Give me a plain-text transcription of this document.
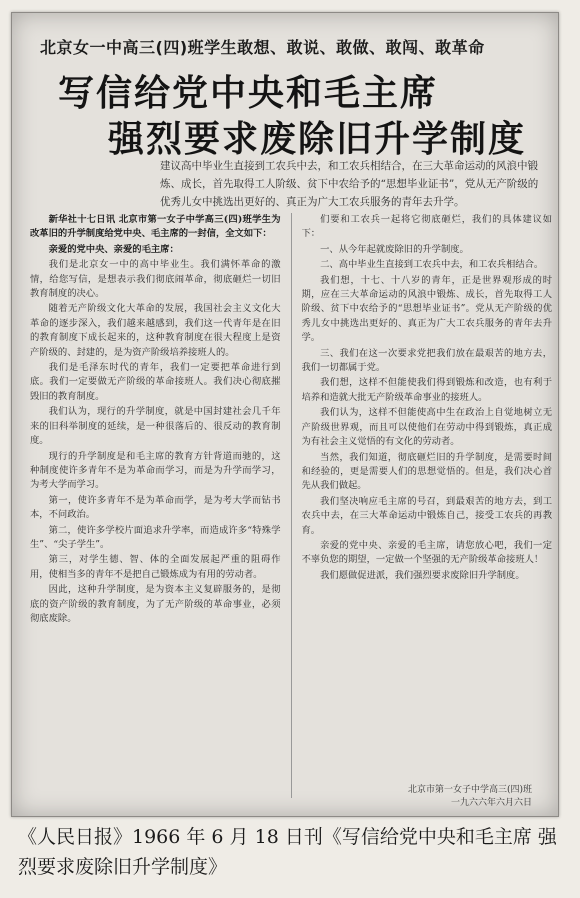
北京女一中高三(四)班学生敢想、敢说、敢做、敢闯、敢革命
写信给党中央和毛主席
强烈要求废除旧升学制度
建议高中毕业生直接到工农兵中去，和工农兵相结合，在三大革命运动的风浪中锻炼、成长，首先取得工人阶级、贫下中农给予的“思想毕业证书”，党从无产阶级的优秀儿女中挑选出更好的、真正为广大工农兵服务的青年去升学。

新华社十七日讯 北京市第一女子中学高三(四)班学生为改革旧的升学制度给党中央、毛主席的一封信，全文如下：

亲爱的党中央、亲爱的毛主席：

我们是北京女一中的高中毕业生。我们满怀革命的激情，给您写信，是想表示我们彻底闹革命，彻底砸烂一切旧教育制度的决心。

随着无产阶级文化大革命的发展，我国社会主义文化大革命的逐步深入，我们越来越感到，我们这一代青年是在旧的教育制度下成长起来的，这种教育制度在很大程度上是资产阶级的、封建的，是为资产阶级培养接班人的。

我们是毛泽东时代的青年，我们一定要把革命进行到底。我们一定要做无产阶级的革命接班人。我们决心彻底摧毁旧的教育制度。

我们认为，现行的升学制度，就是中国封建社会几千年来的旧科举制度的延续，是一种很落后的、很反动的教育制度。

现行的升学制度是和毛主席的教育方针背道而驰的，这种制度使许多青年不是为革命而学习，而是为升学而学习，为考大学而学习。

第一，使许多青年不是为革命而学，是为考大学而钻书本，不问政治。

第二，使许多学校片面追求升学率，而造成许多“特殊学生”、“尖子学生”。

第三，对学生德、智、体的全面发展起严重的阻碍作用，使相当多的青年不是把自己锻炼成为有用的劳动者。

因此，这种升学制度，是为资本主义复辟服务的，是彻底的资产阶级的教育制度，为了无产阶级的革命事业，必须彻底废除。

们要和工农兵一起将它彻底砸烂，我们的具体建议如下：

一、从今年起就废除旧的升学制度。

二、高中毕业生直接到工农兵中去，和工农兵相结合。

我们想，十七、十八岁的青年，正是世界观形成的时期，应在三大革命运动的风浪中锻炼、成长，首先取得工人阶级、贫下中农给予的“思想毕业证书”。党从无产阶级的优秀儿女中挑选出更好的、真正为广大工农兵服务的青年去升学。

三、我们在这一次要求党把我们放在最艰苦的地方去，我们一切都属于党。

我们想，这样不但能使我们得到锻炼和改造，也有利于培养和造就大批无产阶级革命事业的接班人。

我们认为，这样不但能使高中生在政治上自觉地树立无产阶级世界观，而且可以使他们在劳动中得到锻炼，真正成为有社会主义觉悟的有文化的劳动者。

当然，我们知道，彻底砸烂旧的升学制度，是需要时间和经验的，更是需要人们的思想觉悟的。但是，我们决心首先从我们做起。

我们坚决响应毛主席的号召，到最艰苦的地方去，到工农兵中去，在三大革命运动中锻炼自己，接受工农兵的再教育。

亲爱的党中央、亲爱的毛主席，请您放心吧，我们一定不辜负您的期望，一定做一个坚强的无产阶级革命接班人！

我们愿做促进派，我们强烈要求废除旧升学制度。

北京市第一女子中学高三(四)班
一九六六年六月六日
《人民日报》1966 年 6 月 18 日刊《写信给党中央和毛主席 强烈要求废除旧升学制度》
